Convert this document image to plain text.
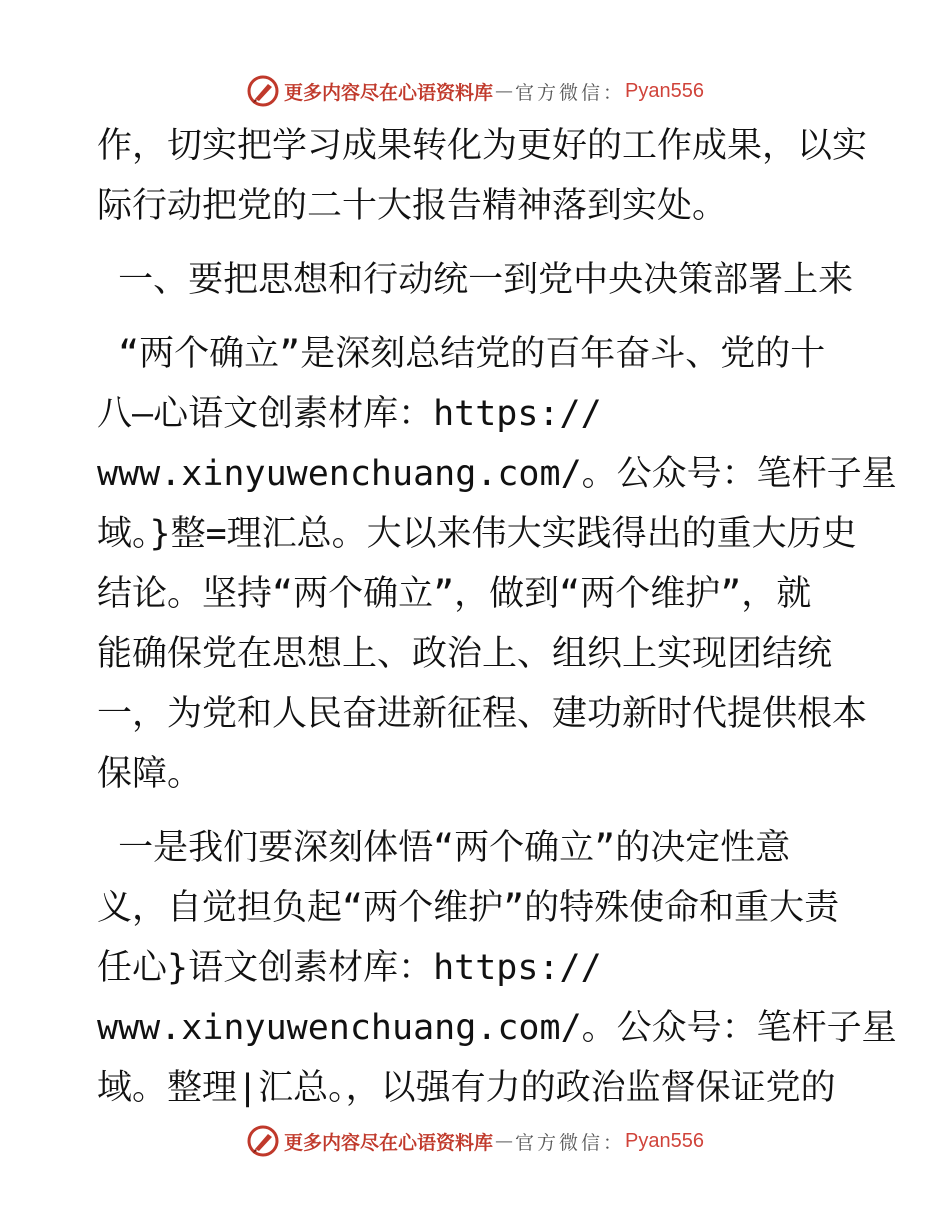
更多内容尽在心语资料库 — 官方微信： Pyan556
作，切实把学习成果转化为更好的工作成果，以实
际行动把党的二十大报告精神落到实处。
一、要把思想和行动统一到党中央决策部署上来
“两个确立”是深刻总结党的百年奋斗、党的十
八—心语文创素材库：https://
www.xinyuwenchuang.com/。公众号：笔杆子星
域。}整=理汇总。大以来伟大实践得出的重大历史
结论。坚持“两个确立”，做到“两个维护”，就
能确保党在思想上、政治上、组织上实现团结统
一，为党和人民奋进新征程、建功新时代提供根本
保障。
一是我们要深刻体悟“两个确立”的决定性意
义，自觉担负起“两个维护”的特殊使命和重大责
任心}语文创素材库：https://
www.xinyuwenchuang.com/。公众号：笔杆子星
域。整理|汇总。，以强有力的政治监督保证党的
更多内容尽在心语资料库 — 官方微信： Pyan556
